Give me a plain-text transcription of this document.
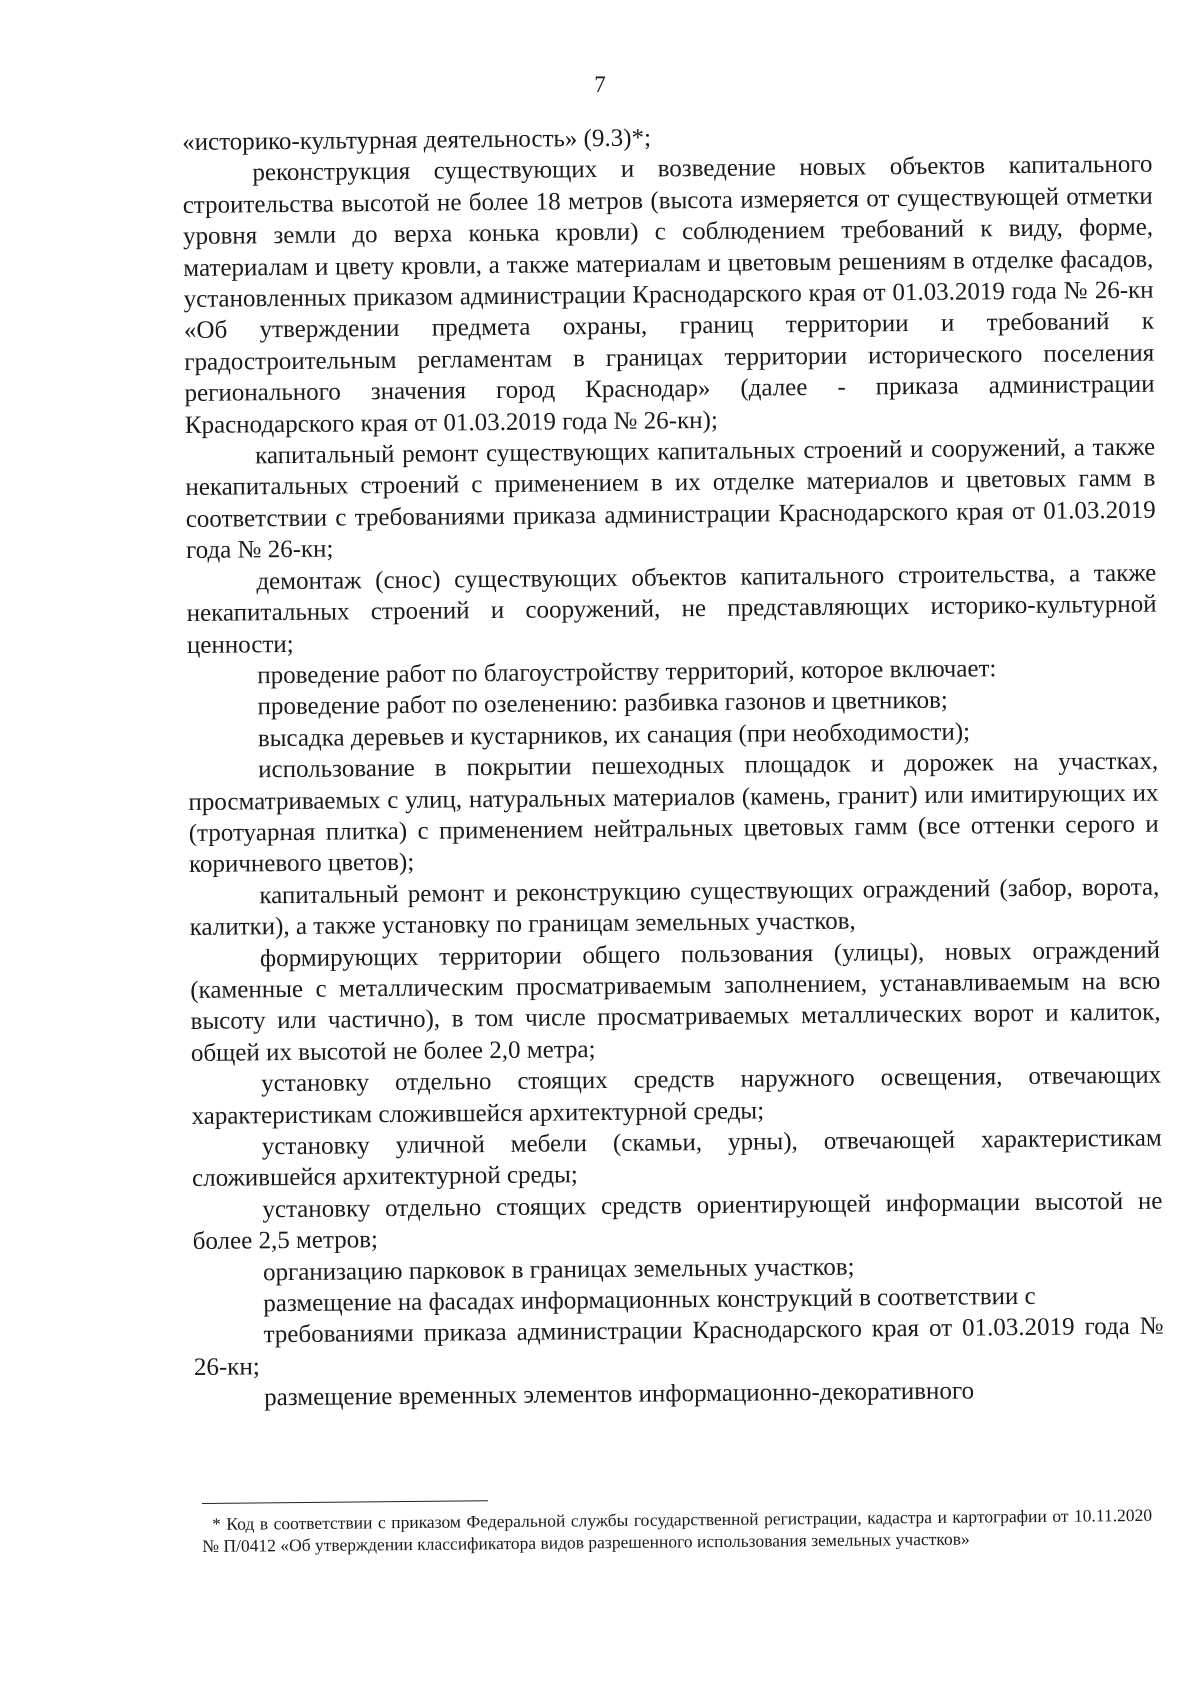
7

«историко-культурная деятельность» (9.3)*;

реконструкция существующих и возведение новых объектов капитального строительства высотой не более 18 метров (высота измеряется от существующей отметки уровня земли до верха конька кровли) с соблюдением требований к виду, форме, материалам и цвету кровли, а также материалам и цветовым решениям в отделке фасадов, установленных приказом администрации Краснодарского края от 01.03.2019 года № 26-кн «Об утверждении предмета охраны, границ территории и требований к градостроительным регламентам в границах территории исторического поселения регионального значения город Краснодар» (далее - приказа администрации Краснодарского края от 01.03.2019 года № 26-кн);

капитальный ремонт существующих капитальных строений и сооружений, а также некапитальных строений с применением в их отделке материалов и цветовых гамм в соответствии с требованиями приказа администрации Краснодарского края от 01.03.2019 года № 26-кн;

демонтаж (снос) существующих объектов капитального строительства, а также некапитальных строений и сооружений, не представляющих историко-культурной ценности;

проведение работ по благоустройству территорий, которое включает:

проведение работ по озеленению: разбивка газонов и цветников;

высадка деревьев и кустарников, их санация (при необходимости);

использование в покрытии пешеходных площадок и дорожек на участках, просматриваемых с улиц, натуральных материалов (камень, гранит) или имитирующих их (тротуарная плитка) с применением нейтральных цветовых гамм (все оттенки серого и коричневого цветов);

капитальный ремонт и реконструкцию существующих ограждений (забор, ворота, калитки), а также установку по границам земельных участков,

формирующих территории общего пользования (улицы), новых ограждений (каменные с металлическим просматриваемым заполнением, устанавливаемым на всю высоту или частично), в том числе просматриваемых металлических ворот и калиток, общей их высотой не более 2,0 метра;

установку отдельно стоящих средств наружного освещения, отвечающих характеристикам сложившейся архитектурной среды;

установку уличной мебели (скамьи, урны), отвечающей характеристикам сложившейся архитектурной среды;

установку отдельно стоящих средств ориентирующей информации высотой не более 2,5 метров;

организацию парковок в границах земельных участков;

размещение на фасадах информационных конструкций в соответствии с

требованиями приказа администрации Краснодарского края от 01.03.2019 года № 26-кн;

размещение временных элементов информационно-декоративного

* Код в соответствии с приказом Федеральной службы государственной регистрации, кадастра и картографии от 10.11.2020 № П/0412 «Об утверждении классификатора видов разрешенного использования земельных участков»
